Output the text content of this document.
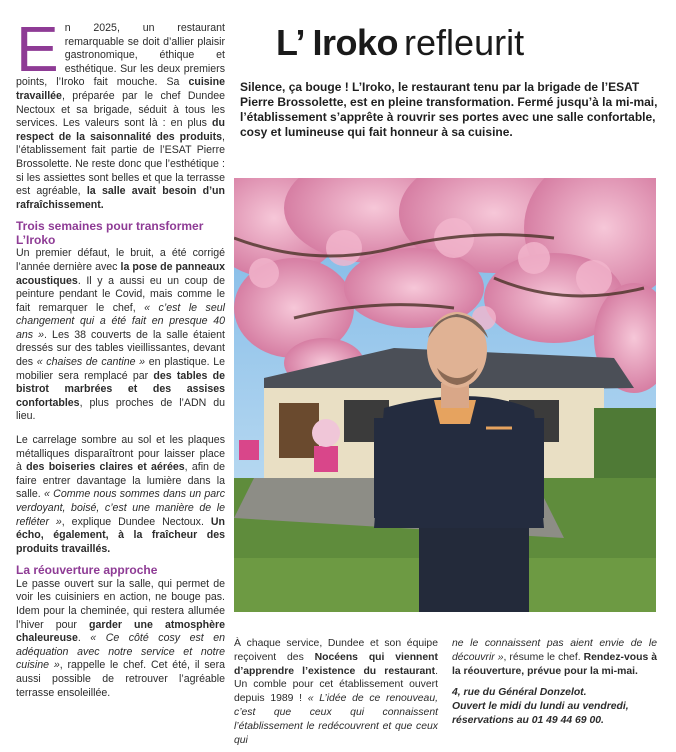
En 2025, un restaurant remarquable se doit d’allier plaisir gastronomique, éthique et esthétique. Sur les deux premiers points, l’Iroko fait mouche. Sa cuisine travaillée, préparée par le chef Dundee Nectoux et sa brigade, séduit à tous les services. Les valeurs sont là : en plus du respect de la saisonnalité des produits, l’établissement fait partie de l’ESAT Pierre Brossolette. Ne reste donc que l’esthétique : si les assiettes sont belles et que la terrasse est agréable, la salle avait besoin d’un rafraîchissement.

Trois semaines pour transformer L’Iroko

Un premier défaut, le bruit, a été corrigé l’année dernière avec la pose de panneaux acoustiques. Il y a aussi eu un coup de peinture pendant le Covid, mais comme le fait remarquer le chef, « c’est le seul changement qui a été fait en presque 40 ans ». Les 38 couverts de la salle étaient dressés sur des tables vieillissantes, devant des « chaises de cantine » en plastique. Le mobilier sera remplacé par des tables de bistrot marbrées et des assises confortables, plus proches de l’ADN du lieu.

Le carrelage sombre au sol et les plaques métalliques disparaîtront pour laisser place à des boiseries claires et aérées, afin de faire entrer davantage la lumière dans la salle. « Comme nous sommes dans un parc verdoyant, boisé, c’est une manière de le refléter », explique Dundee Nectoux. Un écho, également, à la fraîcheur des produits travaillés.

La réouverture approche

Le passe ouvert sur la salle, qui permet de voir les cuisiniers en action, ne bouge pas. Idem pour la cheminée, qui restera allumée l’hiver pour garder une atmosphère chaleureuse. « Ce côté cosy est en adéquation avec notre service et notre cuisine », rappelle le chef. Cet été, il sera aussi possible de retrouver l’agréable terrasse ensoleillée.

L’ Iroko refleurit

Silence, ça bouge ! L’Iroko, le restaurant tenu par la brigade de l’ESAT Pierre Brossolette, est en pleine transformation. Fermé jusqu’à la mi-mai, l’établissement s’apprête à rouvrir ses portes avec une salle confortable, cosy et lumineuse qui fait honneur à sa cuisine.

À chaque service, Dundee et son équipe reçoivent des Nocéens qui viennent d’apprendre l’existence du restaurant. Un comble pour cet établissement ouvert depuis 1989 ! « L’idée de ce renouveau, c’est que ceux qui connaissent l’établissement le redécouvrent et que ceux qui

ne le connaissent pas aient envie de le découvrir », résume le chef. Rendez-vous à la réouverture, prévue pour la mi-mai.

4, rue du Général Donzelot.
Ouvert le midi du lundi au vendredi,
réservations au 01 49 44 69 00.
